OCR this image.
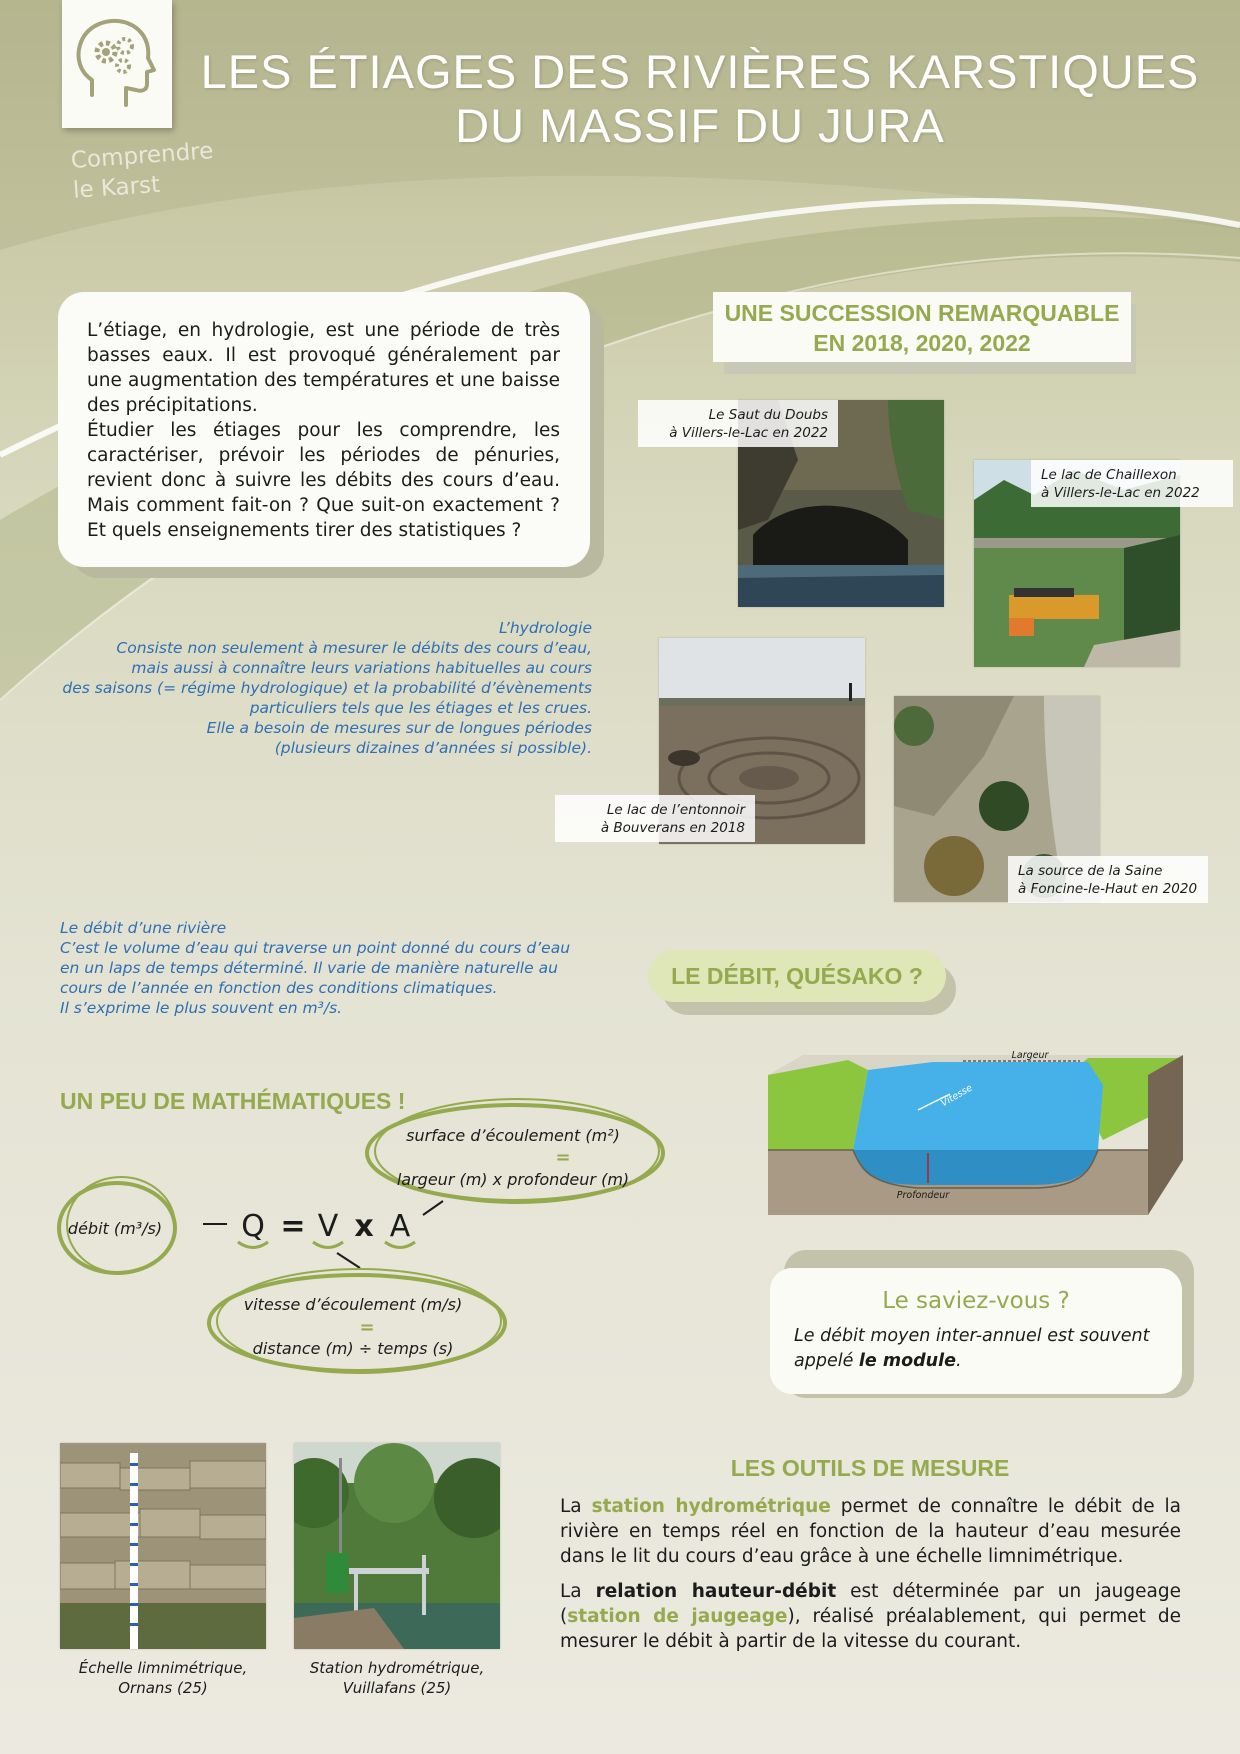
Comprendre
le Karst
LES ÉTIAGES DES RIVIÈRES KARSTIQUES
DU MASSIF DU JURA

L’étiage, en hydrologie, est une période de très basses eaux. Il est provoqué généralement par une augmentation des températures et une baisse des précipitations.

Étudier les étiages pour les comprendre, les caractériser, prévoir les périodes de pénuries, revient donc à suivre les débits des cours d’eau. Mais comment fait-on ? Que suit-on exactement ? Et quels enseignements tirer des statistiques ?

L’hydrologie
Consiste non seulement à mesurer le débits des cours d’eau,
mais aussi à connaître leurs variations habituelles au cours
des saisons (= régime hydrologique) et la probabilité d’évènements
particuliers tels que les étiages et les crues.
Elle a besoin de mesures sur de longues périodes
(plusieurs dizaines d’années si possible).
UNE SUCCESSION REMARQUABLE
EN 2018, 2020, 2022
Le Saut du Doubs
à Villers-le-Lac en 2022
Le lac de Chaillexon
à Villers-le-Lac en 2022
Le lac de l’entonnoir
à Bouverans en 2018
La source de la Saine
à Foncine-le-Haut en 2020
Le débit d’une rivière
C’est le volume d’eau qui traverse un point donné du cours d’eau
en un laps de temps déterminé. Il varie de manière naturelle au
cours de l’année en fonction des conditions climatiques.
Il s’exprime le plus souvent en m³/s.
LE DÉBIT, QUÉSAKO ?
UN PEU DE MATHÉMATIQUES !
débit (m³/s)	Q = V x A
surface d’écoulement (m²)
=
largeur (m) x profondeur (m)
vitesse d’écoulement (m/s)
=
distance (m) ÷ temps (s)
Largeur
Vitesse
Profondeur
Le saviez-vous ?
Le débit moyen inter-annuel est souvent appelé le module.
LES OUTILS DE MESURE

La station hydrométrique permet de connaître le débit de la rivière en temps réel en fonction de la hauteur d’eau mesurée dans le lit du cours d’eau grâce à une échelle limnimétrique.

La relation hauteur-débit est déterminée par un jaugeage (station de jaugeage), réalisé préalablement, qui permet de mesurer le débit à partir de la vitesse du courant.

Échelle limnimétrique,
Ornans (25)
Station hydrométrique,
Vuillafans (25)
